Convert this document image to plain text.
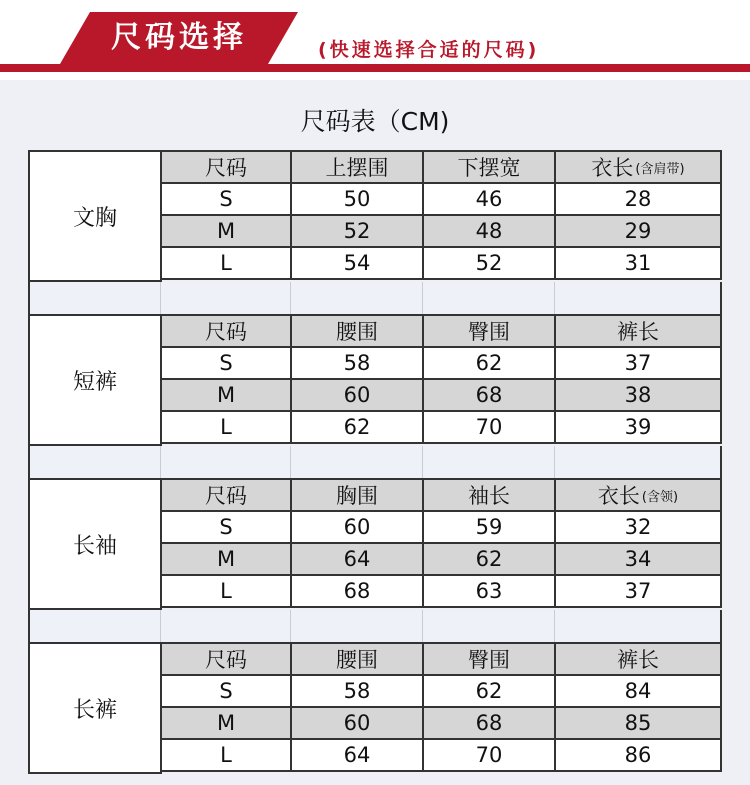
尺码选择	(快速选择合适的尺码)
尺码表（CM)
文胸
尺码	上摆围	下摆宽	衣长 (含肩带)
S	50	46	28
M	52	48	29
L	54	52	31
短裤
尺码	腰围	臀围	裤长
S	58	62	37
M	60	68	38
L	62	70	39
长袖
尺码	胸围	袖长	衣长 (含领)
S	60	59	32
M	64	62	34
L	68	63	37
长裤
尺码	腰围	臀围	裤长
S	58	62	84
M	60	68	85
L	64	70	86
